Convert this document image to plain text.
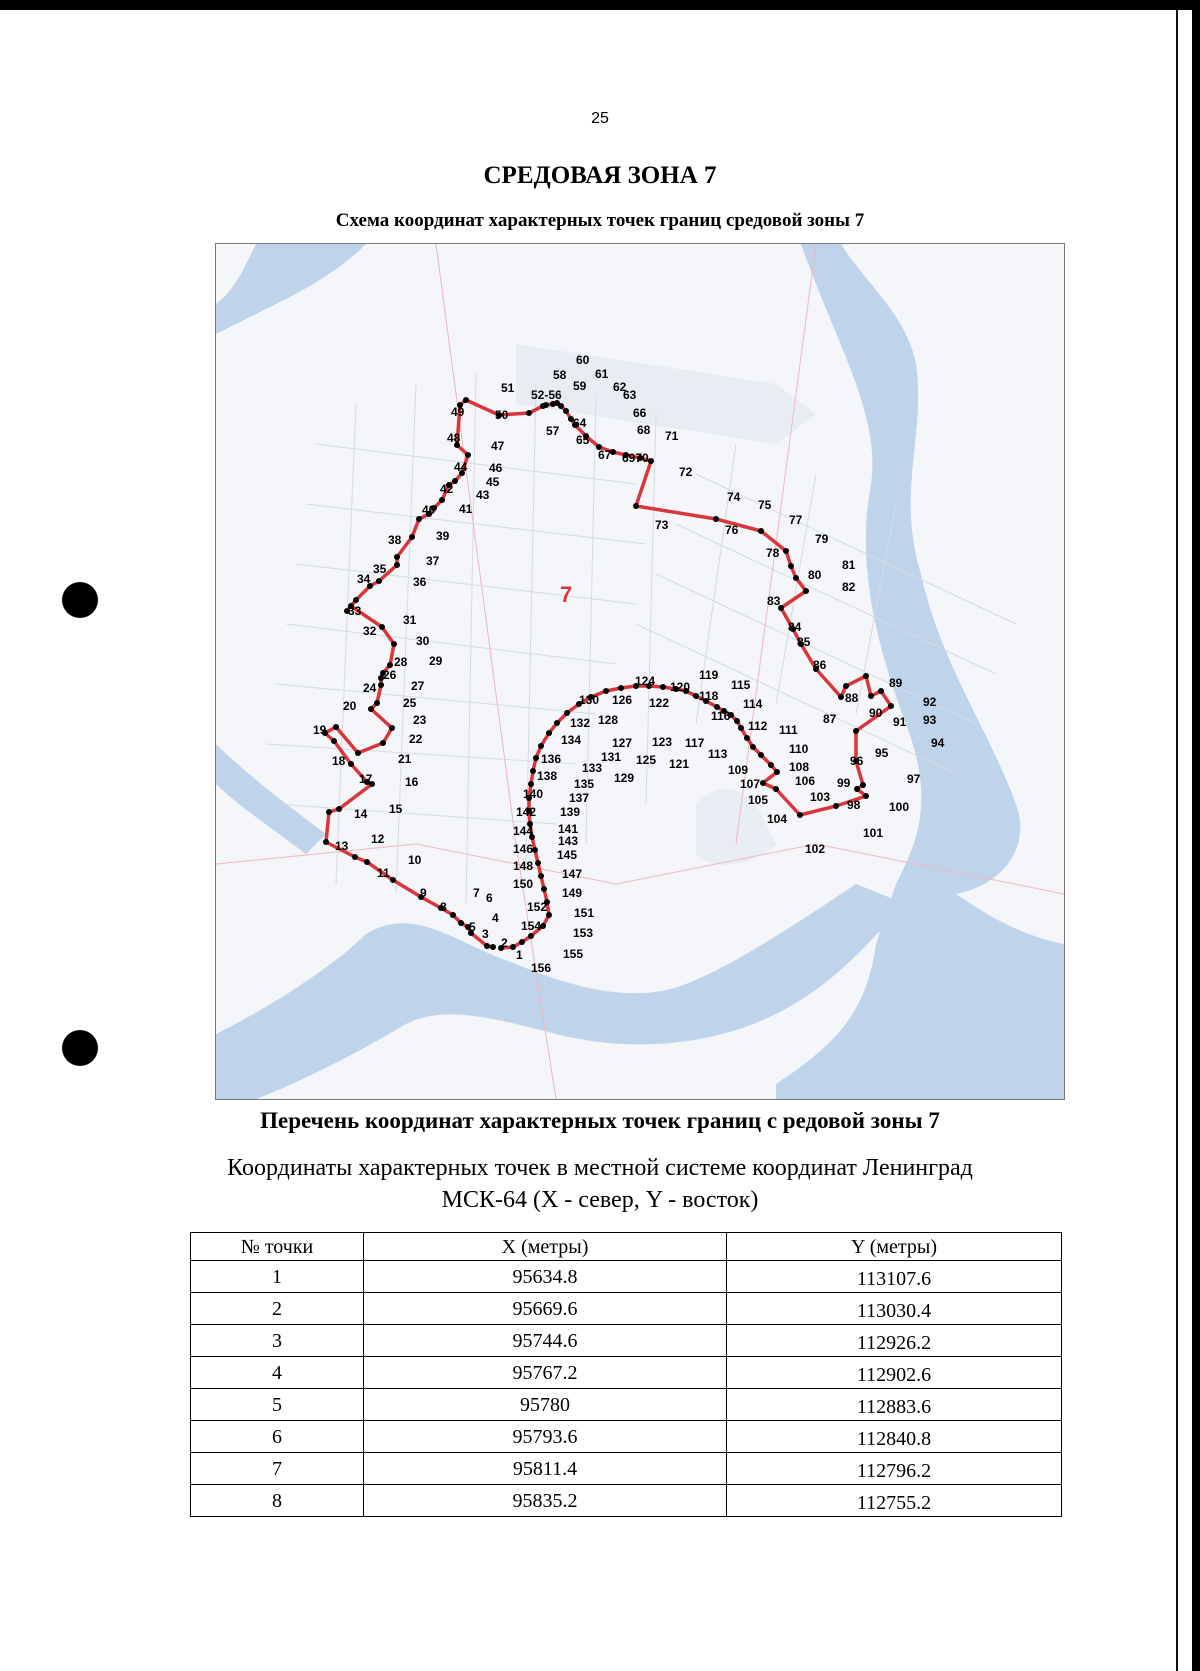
25
СРЕДОВАЯ ЗОНА 7
Схема координат характерных точек границ средовой зоны 7
1
2
3
4
5
6
7
8
9
10
11
12
13
14 15
16
17
18
19
20
21
22
23
24
25
26
27
28 29
30
31
32
33
34
35
36
37
38	39
40 41
42 43
44
45
46
47
48
49	50
51 52-56
57
58
59
60
61
62
63
64
65
66
67
68
6970
71
72
73
74
75
76
77
78
79
80
81
82
83
84
85
86
87
88
89
90
91
92
93
94
95
96
97
98
99
100
101
102
103
104
105
106
107
108
109
110
111
112
113
114
115
116
117
118
119
120
121
122
123
124
125
126
127
128
129
130
131
132
133
134
135
136
137
138
139
140
141
142
143
144
145
146
147
148
149
150
151
152
153
154
155
156
7
Перечень координат характерных точек границ с редовой зоны 7
Координаты характерных точек в местной системе координат Ленинград
МСК-64 (X - север, Y - восток)
№ точки	X (метры)	Y (метры)
1	95634.8	113107.6
2	95669.6	113030.4
3	95744.6	112926.2
4	95767.2	112902.6
5	95780	112883.6
6	95793.6	112840.8
7	95811.4	112796.2
8	95835.2	112755.2
